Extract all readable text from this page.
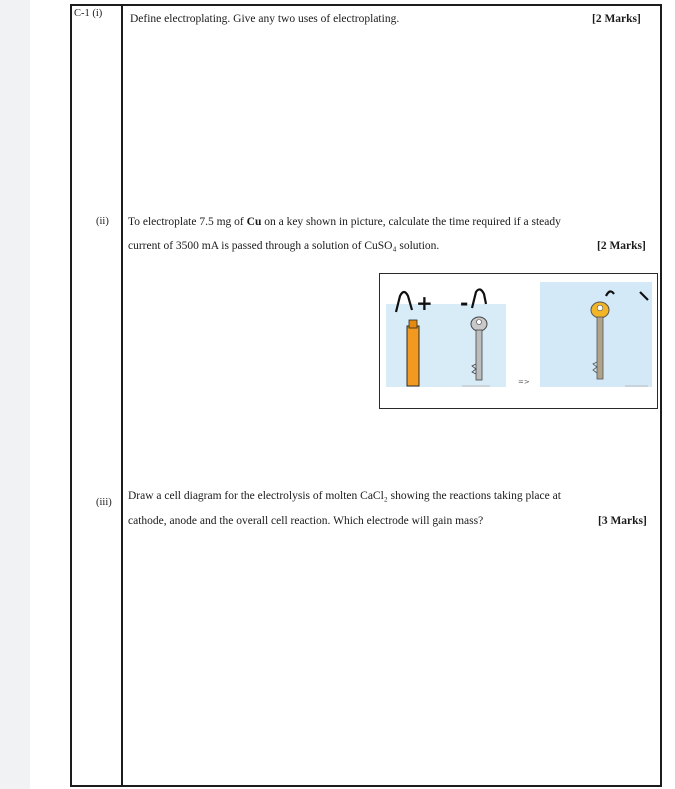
C-1 (i) Define electroplating. Give any two uses of electroplating.	[2 Marks]
(ii) To electroplate 7.5 mg of Cu on a key shown in picture, calculate the time required if a steady
current of 3500 mA is passed through a solution of CuSO₄ solution.	[2 Marks]
+ -
=>
(iii)
Draw a cell diagram for the electrolysis of molten CaCl₂ showing the reactions taking place at
cathode, anode and the overall cell reaction. Which electrode will gain mass?	[3 Marks]
